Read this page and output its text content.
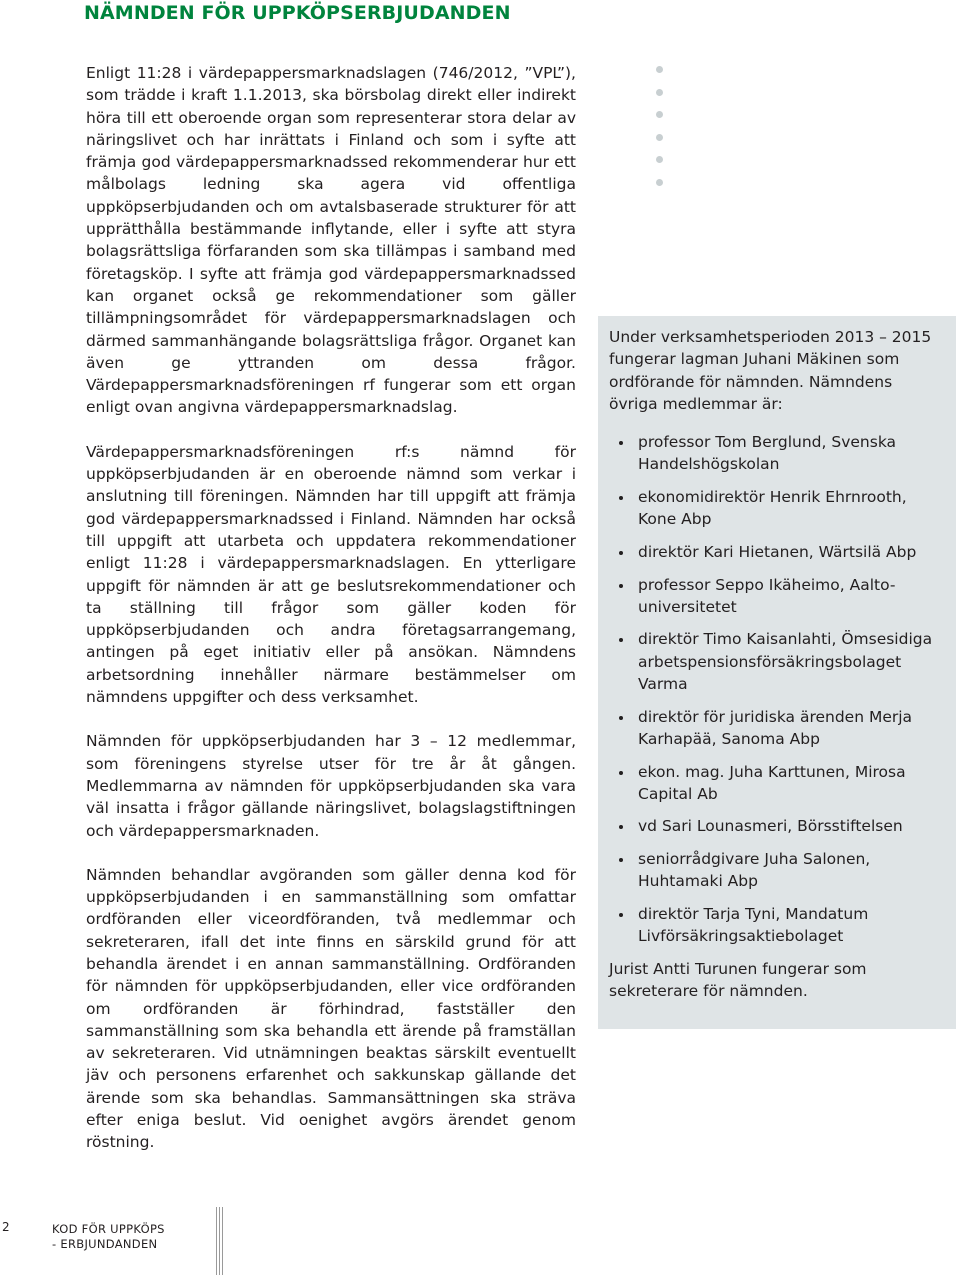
NÄMNDEN FÖR UPPKÖPSERBJUDANDEN

Enligt 11:28 i värdepappersmarknadslagen (746/2012, ”VPL”), som trädde i kraft 1.1.2013, ska börsbolag direkt eller indirekt höra till ett oberoende organ som representerar stora delar av näringslivet och har inrättats i Finland och som i syfte att främja god värdepappersmarknadssed rekommenderar hur ett målbolags ledning ska agera vid offentliga uppköpserbjudanden och om avtalsbaserade strukturer för att upprätthålla bestämmande inflytande, eller i syfte att styra bolagsrättsliga förfaranden som ska tillämpas i samband med företagsköp. I syfte att främja god värdepappersmarknadssed kan organet också ge rekommendationer som gäller tillämpningsområdet för värdepappersmarknadslagen och därmed sammanhängande bolagsrättsliga frågor. Organet kan även ge yttranden om dessa frågor. Värdepappersmarknadsföreningen rf fungerar som ett organ enligt ovan angivna värdepappersmarknadslag.

Värdepappersmarknadsföreningen rf:s nämnd för uppköpserbjudanden är en oberoende nämnd som verkar i anslutning till föreningen. Nämnden har till uppgift att främja god värdepappersmarknadssed i Finland. Nämnden har också till uppgift att utarbeta och uppdatera rekommendationer enligt 11:28 i värdepappersmarknadslagen. En ytterligare uppgift för nämnden är att ge beslutsrekommendationer och ta ställning till frågor som gäller koden för uppköpserbjudanden och andra företagsarrangemang, antingen på eget initiativ eller på ansökan. Nämndens arbetsordning innehåller närmare bestämmelser om nämndens uppgifter och dess verksamhet.

Nämnden för uppköpserbjudanden har 3 – 12 medlemmar, som föreningens styrelse utser för tre år åt gången. Medlemmarna av nämnden för uppköpserbjudanden ska vara väl insatta i frågor gällande näringslivet, bolagslagstiftningen och värdepappersmarknaden.

Nämnden behandlar avgöranden som gäller denna kod för uppköpserbjudanden i en sammanställning som omfattar ordföranden eller viceordföranden, två medlemmar och sekreteraren, ifall det inte finns en särskild grund för att behandla ärendet i en annan sammanställning. Ordföranden för nämnden för uppköpserbjudanden, eller vice ordföranden om ordföranden är förhindrad, fastställer den sammanställning som ska behandla ett ärende på framställan av sekreteraren. Vid utnämningen beaktas särskilt eventuellt jäv och personens erfarenhet och sakkunskap gällande det ärende som ska behandlas. Sammansättningen ska sträva efter eniga beslut. Vid oenighet avgörs ärendet genom röstning.

Under verksamhetsperioden 2013 – 2015 fungerar lagman Juhani Mäkinen som ordförande för nämnden. Nämndens övriga medlemmar är:

professor Tom Berglund, Svenska Handelshögskolan
ekonomidirektör Henrik Ehrnrooth, Kone Abp
direktör Kari Hietanen, Wärtsilä Abp
professor Seppo Ikäheimo, Aalto-universitetet
direktör Timo Kaisanlahti, Ömsesidiga arbetspensionsförsäkringsbolaget Varma
direktör för juridiska ärenden Merja Karhapää, Sanoma Abp
ekon. mag. Juha Karttunen, Mirosa Capital Ab
vd Sari Lounasmeri, Börsstiftelsen
seniorrådgivare Juha Salonen, Huhtamaki Abp
direktör Tarja Tyni, Mandatum Livförsäkringsaktiebolaget

Jurist Antti Turunen fungerar som sekreterare för nämnden.

2	KOD FÖR UPPKÖPS
- ERBJUNDANDEN
